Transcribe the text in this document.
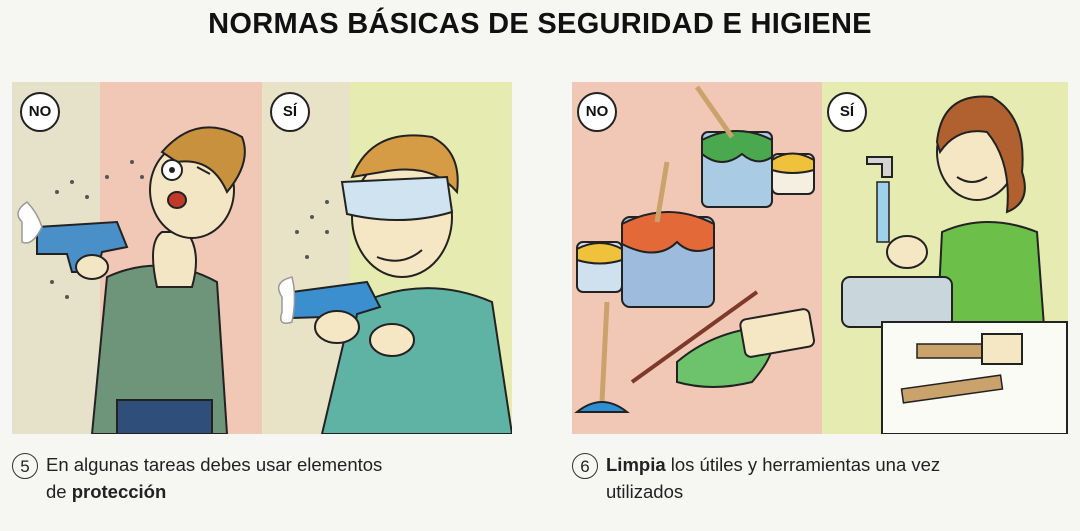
NORMAS BÁSICAS DE SEGURIDAD E HIGIENE
NO	SÍ	NO	SÍ
5 En algunas tareas debes usar elementos
de protección
6 Limpia los útiles y herramientas una vez
utilizados
